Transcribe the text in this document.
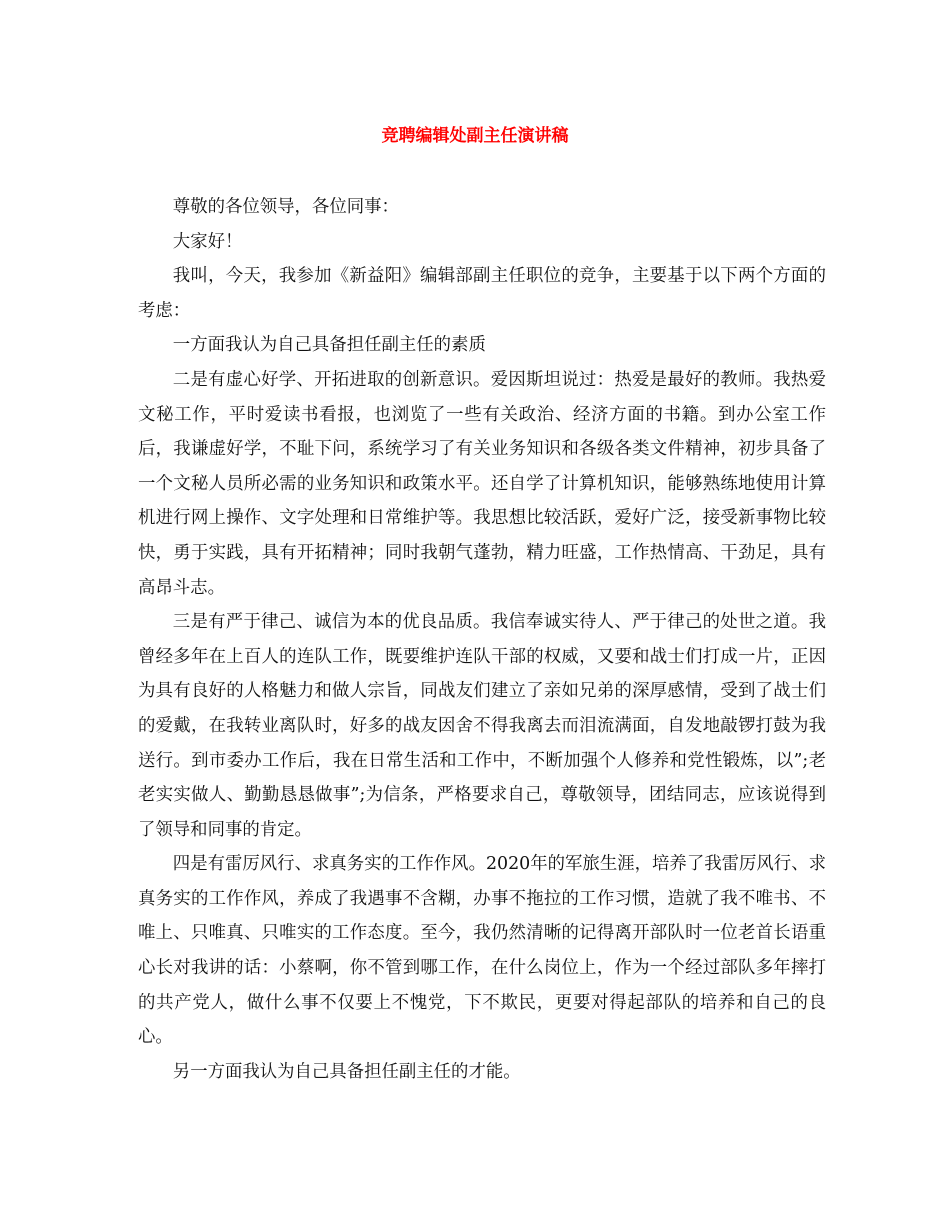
竞聘编辑处副主任演讲稿

尊敬的各位领导，各位同事：

大家好！

我叫，今天，我参加《新益阳》编辑部副主任职位的竞争，主要基于以下两个方面的考虑：

一方面我认为自己具备担任副主任的素质

二是有虚心好学、开拓进取的创新意识。爱因斯坦说过：热爱是最好的教师。我热爱文秘工作，平时爱读书看报，也浏览了一些有关政治、经济方面的书籍。到办公室工作后，我谦虚好学，不耻下问，系统学习了有关业务知识和各级各类文件精神，初步具备了一个文秘人员所必需的业务知识和政策水平。还自学了计算机知识，能够熟练地使用计算机进行网上操作、文字处理和日常维护等。我思想比较活跃，爱好广泛，接受新事物比较快，勇于实践，具有开拓精神；同时我朝气蓬勃，精力旺盛，工作热情高、干劲足，具有高昂斗志。

三是有严于律己、诚信为本的优良品质。我信奉诚实待人、严于律己的处世之道。我曾经多年在上百人的连队工作，既要维护连队干部的权威，又要和战士们打成一片，正因为具有良好的人格魅力和做人宗旨，同战友们建立了亲如兄弟的深厚感情，受到了战士们的爱戴，在我转业离队时，好多的战友因舍不得我离去而泪流满面，自发地敲锣打鼓为我送行。到市委办工作后，我在日常生活和工作中，不断加强个人修养和党性锻炼，以”;老老实实做人、勤勤恳恳做事”;为信条，严格要求自己，尊敬领导，团结同志，应该说得到了领导和同事的肯定。

四是有雷厉风行、求真务实的工作作风。2020年的军旅生涯，培养了我雷厉风行、求真务实的工作作风，养成了我遇事不含糊，办事不拖拉的工作习惯，造就了我不唯书、不唯上、只唯真、只唯实的工作态度。至今，我仍然清晰的记得离开部队时一位老首长语重心长对我讲的话：小蔡啊，你不管到哪工作，在什么岗位上，作为一个经过部队多年摔打的共产党人，做什么事不仅要上不愧党，下不欺民，更要对得起部队的培养和自己的良心。

另一方面我认为自己具备担任副主任的才能。
